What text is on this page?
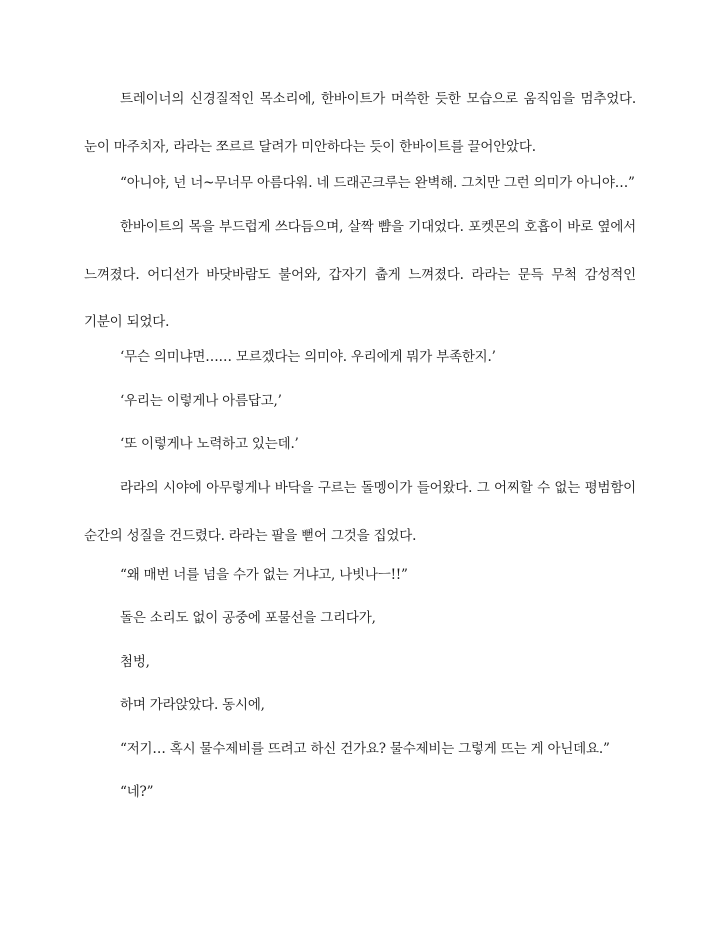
트레이너의 신경질적인 목소리에, 한바이트가 머쓱한 듯한 모습으로 움직임을 멈추었다. 눈이 마주치자, 라라는 쪼르르 달려가 미안하다는 듯이 한바이트를 끌어안았다.

“아니야, 넌 너~무너무 아름다워. 네 드래곤크루는 완벽해. 그치만 그런 의미가 아니야…”

한바이트의 목을 부드럽게 쓰다듬으며, 살짝 뺨을 기대었다. 포켓몬의 호흡이 바로 옆에서 느껴졌다. 어디선가 바닷바람도 불어와, 갑자기 춥게 느껴졌다. 라라는 문득 무척 감성적인 기분이 되었다.

‘무슨 의미냐면…… 모르겠다는 의미야. 우리에게 뭐가 부족한지.’

‘우리는 이렇게나 아름답고,’

‘또 이렇게나 노력하고 있는데.’

라라의 시야에 아무렇게나 바닥을 구르는 돌멩이가 들어왔다. 그 어찌할 수 없는 평범함이 순간의 성질을 건드렸다. 라라는 팔을 뻗어 그것을 집었다.

“왜 매번 너를 넘을 수가 없는 거냐고, 나빗나ㅡ!!”

돌은 소리도 없이 공중에 포물선을 그리다가,

첨벙,

하며 가라앉았다. 동시에,

“저기… 혹시 물수제비를 뜨려고 하신 건가요? 물수제비는 그렇게 뜨는 게 아닌데요.”

“네?”
